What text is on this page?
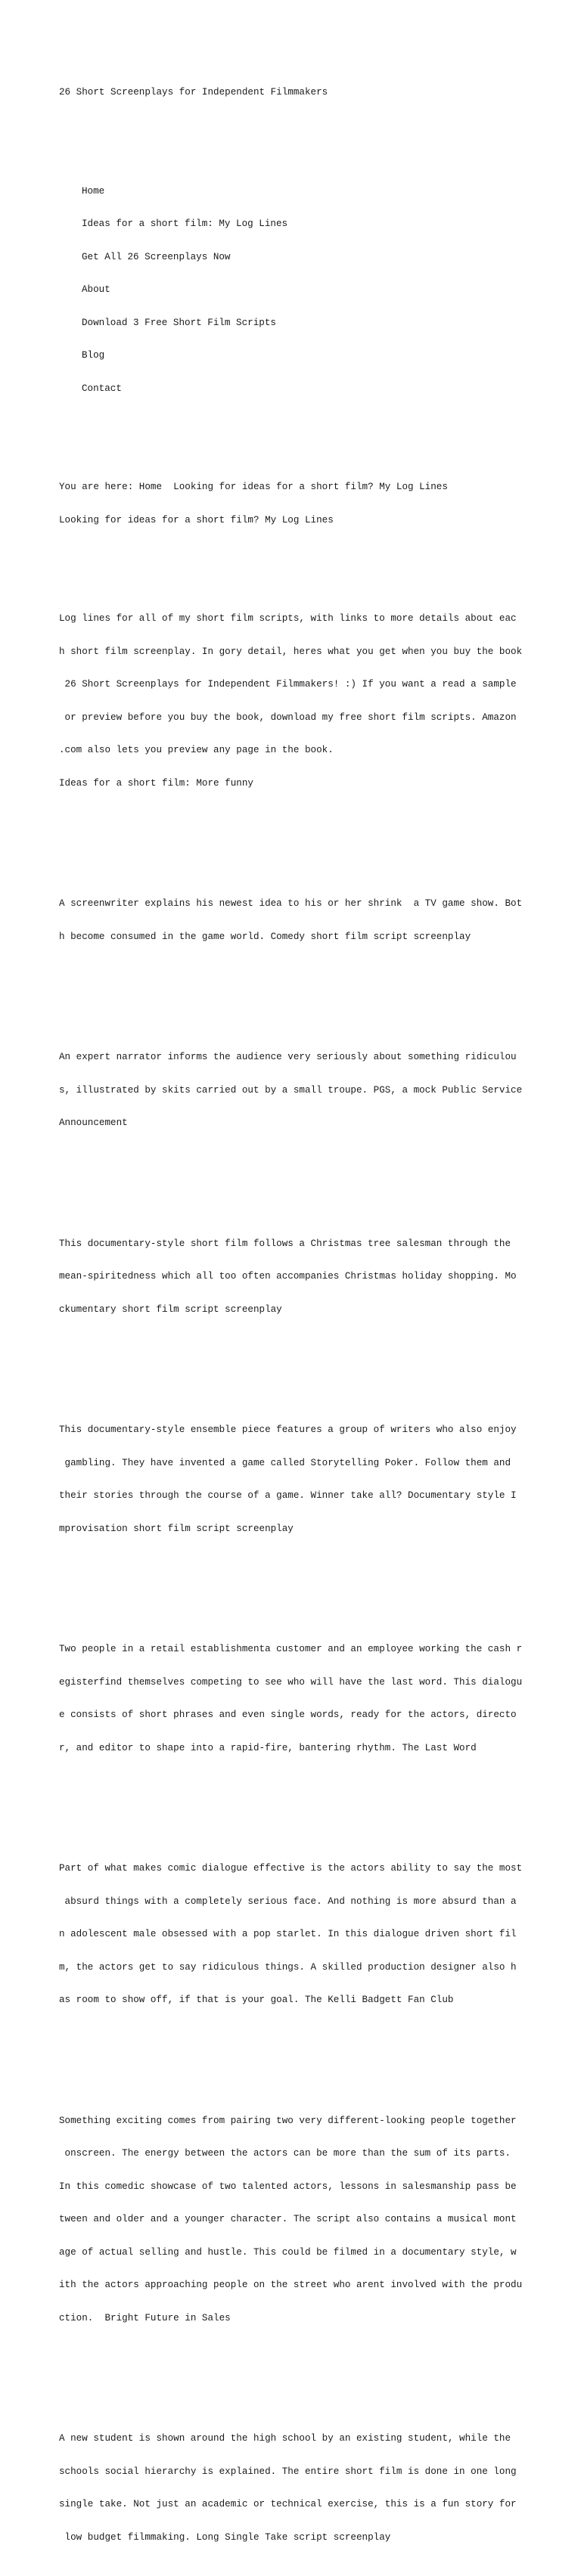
26 Short Screenplays for Independent Filmmakers

Home

Ideas for a short film: My Log Lines

Get All 26 Screenplays Now

About

Download 3 Free Short Film Scripts

Blog

Contact

You are here: Home  Looking for ideas for a short film? My Log Lines

Looking for ideas for a short film? My Log Lines

Log lines for all of my short film scripts, with links to more details about eac

h short film screenplay. In gory detail, heres what you get when you buy the book

26 Short Screenplays for Independent Filmmakers! :) If you want a read a sample

or preview before you buy the book, download my free short film scripts. Amazon

.com also lets you preview any page in the book.

Ideas for a short film: More funny

A screenwriter explains his newest idea to his or her shrink  a TV game show. Bot

h become consumed in the game world. Comedy short film script screenplay

An expert narrator informs the audience very seriously about something ridiculou

s, illustrated by skits carried out by a small troupe. PGS, a mock Public Service

Announcement

This documentary-style short film follows a Christmas tree salesman through the

mean-spiritedness which all too often accompanies Christmas holiday shopping. Mo

ckumentary short film script screenplay

This documentary-style ensemble piece features a group of writers who also enjoy

gambling. They have invented a game called Storytelling Poker. Follow them and

their stories through the course of a game. Winner take all? Documentary style I

mprovisation short film script screenplay

Two people in a retail establishmenta customer and an employee working the cash r

egisterfind themselves competing to see who will have the last word. This dialogu

e consists of short phrases and even single words, ready for the actors, directo

r, and editor to shape into a rapid-fire, bantering rhythm. The Last Word

Part of what makes comic dialogue effective is the actors ability to say the most

absurd things with a completely serious face. And nothing is more absurd than a

n adolescent male obsessed with a pop starlet. In this dialogue driven short fil

m, the actors get to say ridiculous things. A skilled production designer also h

as room to show off, if that is your goal. The Kelli Badgett Fan Club

Something exciting comes from pairing two very different-looking people together

onscreen. The energy between the actors can be more than the sum of its parts.

In this comedic showcase of two talented actors, lessons in salesmanship pass be

tween and older and a younger character. The script also contains a musical mont

age of actual selling and hustle. This could be filmed in a documentary style, w

ith the actors approaching people on the street who arent involved with the produ

ction.  Bright Future in Sales

A new student is shown around the high school by an existing student, while the

schools social hierarchy is explained. The entire short film is done in one long

single take. Not just an academic or technical exercise, this is a fun story for

low budget filmmaking. Long Single Take script screenplay
